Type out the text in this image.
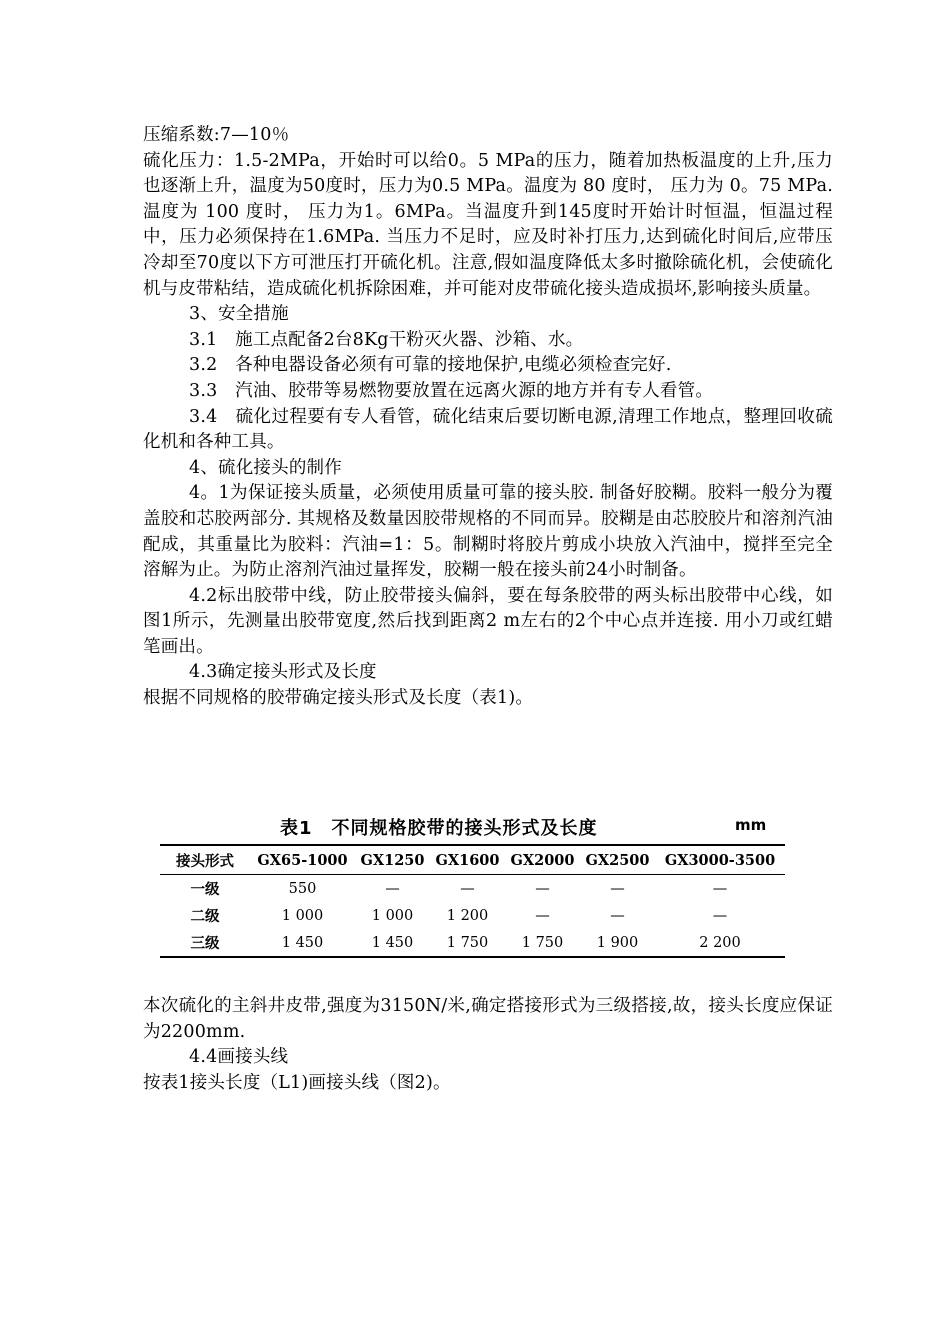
压缩系数:7—10％

硫化压力：1.5-2MPa，开始时可以给0。5 MPa的压力，随着加热板温度的上升,压力也逐渐上升，温度为50度时，压力为0.5 MPa。温度为 80 度时， 压力为 0。75 MPa.温度为 100 度时， 压力为1。6MPa。当温度升到145度时开始计时恒温，恒温过程中，压力必须保持在1.6MPa. 当压力不足时，应及时补打压力,达到硫化时间后,应带压冷却至70度以下方可泄压打开硫化机。注意,假如温度降低太多时撤除硫化机，会使硫化机与皮带粘结，造成硫化机拆除困难，并可能对皮带硫化接头造成损坏,影响接头质量。

3、安全措施

3.1　施工点配备2台8Kg干粉灭火器、沙箱、水。

3.2　各种电器设备必须有可靠的接地保护,电缆必须检查完好.

3.3　汽油、胶带等易燃物要放置在远离火源的地方并有专人看管。

3.4　硫化过程要有专人看管，硫化结束后要切断电源,清理工作地点，整理回收硫化机和各种工具。

4、硫化接头的制作

4。1为保证接头质量，必须使用质量可靠的接头胶. 制备好胶糊。胶料一般分为覆盖胶和芯胶两部分. 其规格及数量因胶带规格的不同而异。胶糊是由芯胶胶片和溶剂汽油配成，其重量比为胶料：汽油=1：5。制糊时将胶片剪成小块放入汽油中，搅拌至完全溶解为止。为防止溶剂汽油过量挥发，胶糊一般在接头前24小时制备。

4.2标出胶带中线，防止胶带接头偏斜，要在每条胶带的两头标出胶带中心线，如图1所示，先测量出胶带宽度,然后找到距离2 m左右的2个中心点并连接. 用小刀或红蜡笔画出。

4.3确定接头形式及长度

根据不同规格的胶带确定接头形式及长度（表1)。

表1　不同规格胶带的接头形式及长度	mm
接头形式	GX65-1000	GX1250	GX1600	GX2000	GX2500	GX3000-3500
一级	550	—	—	—	—	—
二级	1 000	1 000	1 200	—	—	—
三级	1 450	1 450	1 750	1 750	1 900	2 200

本次硫化的主斜井皮带,强度为3150N/米,确定搭接形式为三级搭接,故，接头长度应保证为2200mm.

4.4画接头线

按表1接头长度（L1)画接头线（图2)。
